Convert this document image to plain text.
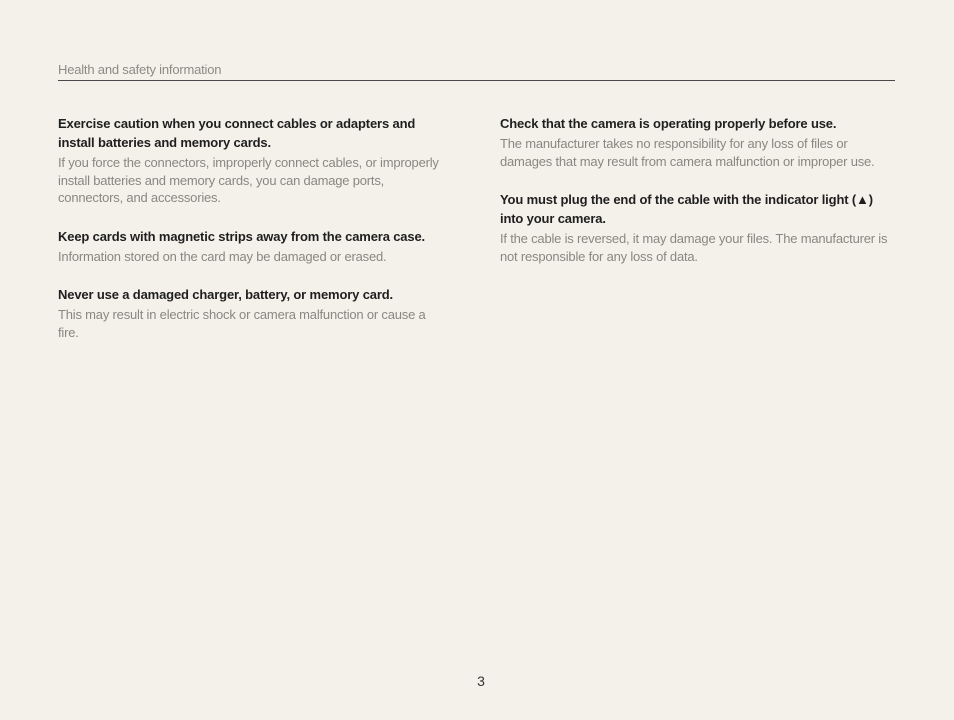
Health and safety information

Exercise caution when you connect cables or adapters and install batteries and memory cards.

If you force the connectors, improperly connect cables, or improperly install batteries and memory cards, you can damage ports, connectors, and accessories.

Keep cards with magnetic strips away from the camera case.

Information stored on the card may be damaged or erased.

Never use a damaged charger, battery, or memory card.

This may result in electric shock or camera malfunction or cause a fire.

Check that the camera is operating properly before use.

The manufacturer takes no responsibility for any loss of files or damages that may result from camera malfunction or improper use.

You must plug the end of the cable with the indicator light (▲) into your camera.

If the cable is reversed, it may damage your files. The manufacturer is not responsible for any loss of data.

3
